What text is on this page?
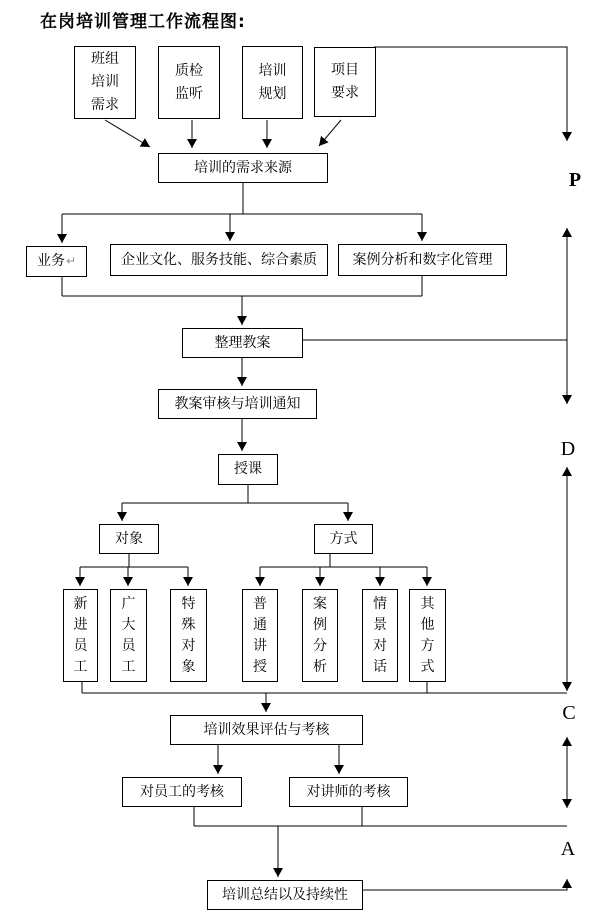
在岗培训管理工作流程图:
班组培训需求
质检监听
培训规划
项目要求
培训的需求来源
业务 ↵	企业文化、服务技能、综合素质	案例分析和数字化管理
整理教案
教案审核与培训通知
授课
对象	方式
新进员工
广大员工
特殊对象
普通讲授
案例分析
情景对话
其他方式
培训效果评估与考核
对员工的考核	对讲师的考核
培训总结以及持续性
P
D
C
A
